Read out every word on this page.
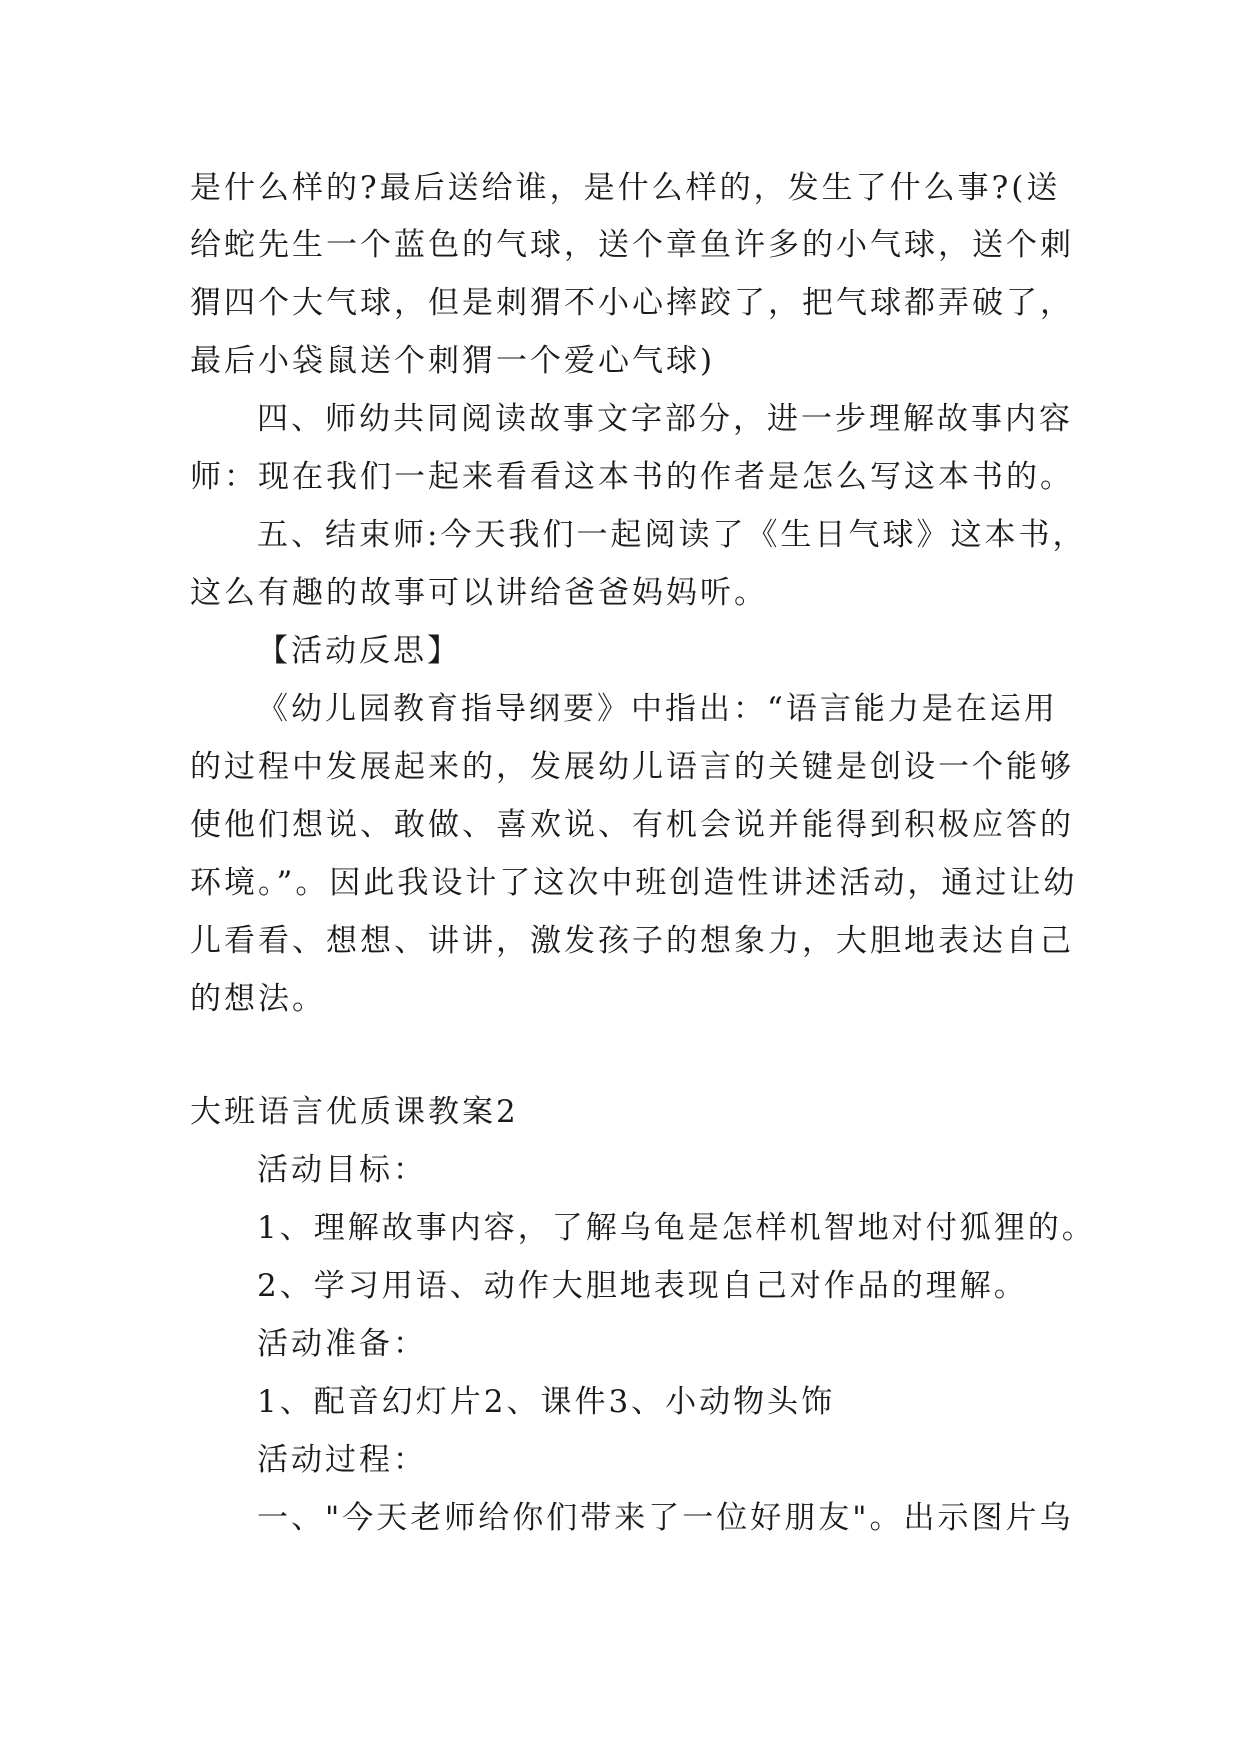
是什么样的?最后送给谁，是什么样的，发生了什么事?(送
给蛇先生一个蓝色的气球，送个章鱼许多的小气球，送个刺
猬四个大气球，但是刺猬不小心摔跤了，把气球都弄破了，
最后小袋鼠送个刺猬一个爱心气球)
四、师幼共同阅读故事文字部分，进一步理解故事内容
师：现在我们一起来看看这本书的作者是怎么写这本书的。
五、结束师:今天我们一起阅读了《生日气球》这本书，
这么有趣的故事可以讲给爸爸妈妈听。
【活动反思】
《幼儿园教育指导纲要》中指出：“语言能力是在运用
的过程中发展起来的，发展幼儿语言的关键是创设一个能够
使他们想说、敢做、喜欢说、有机会说并能得到积极应答的
环境。”。因此我设计了这次中班创造性讲述活动，通过让幼
儿看看、想想、讲讲，激发孩子的想象力，大胆地表达自己
的想法。
大班语言优质课教案2
活动目标：
1、理解故事内容，了解乌龟是怎样机智地对付狐狸的。
2、学习用语、动作大胆地表现自己对作品的理解。
活动准备：
1、配音幻灯片2、课件3、小动物头饰
活动过程：
一、"今天老师给你们带来了一位好朋友"。出示图片乌
